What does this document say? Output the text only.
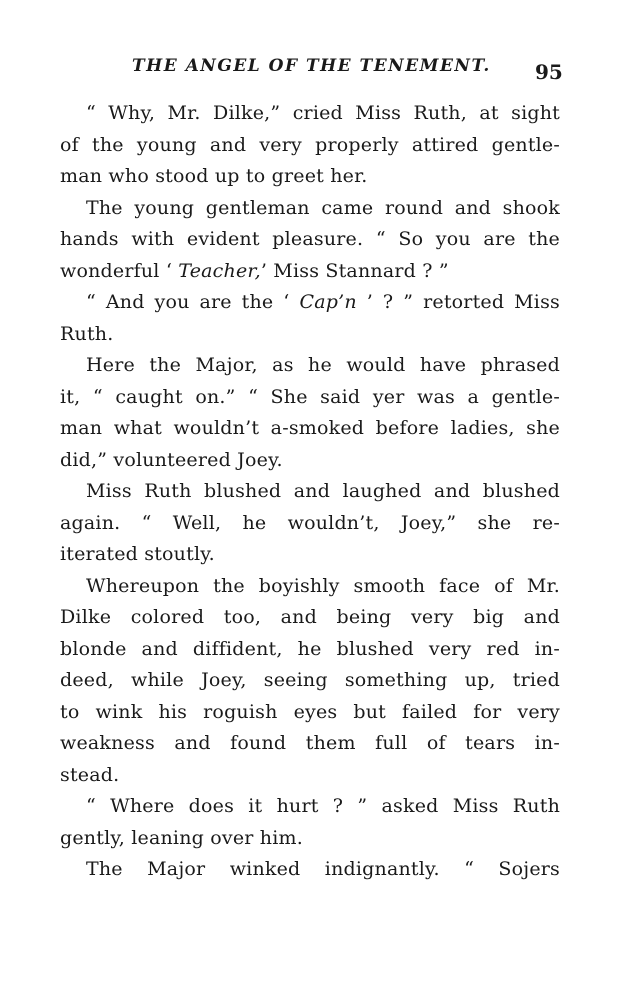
THE ANGEL OF THE TENEMENT.	95
“ Why, Mr. Dilke,” cried Miss Ruth, at sight
of the young and very properly attired gentle-
man who stood up to greet her.
The young gentleman came round and shook
hands with evident pleasure. “ So you are the
wonderful ‘ Teacher,’ Miss Stannard ? ”
“ And you are the ‘ Cap’n ’ ? ” retorted Miss
Ruth.
Here the Major, as he would have phrased
it, “ caught on.” “ She said yer was a gentle-
man what wouldn’t a-smoked before ladies, she
did,” volunteered Joey.
Miss Ruth blushed and laughed and blushed
again. “ Well, he wouldn’t, Joey,” she re-
iterated stoutly.
Whereupon the boyishly smooth face of Mr.
Dilke colored too, and being very big and
blonde and diffident, he blushed very red in-
deed, while Joey, seeing something up, tried
to wink his roguish eyes but failed for very
weakness and found them full of tears in-
stead.
“ Where does it hurt ? ” asked Miss Ruth
gently, leaning over him.
The Major winked indignantly. “ Sojers
